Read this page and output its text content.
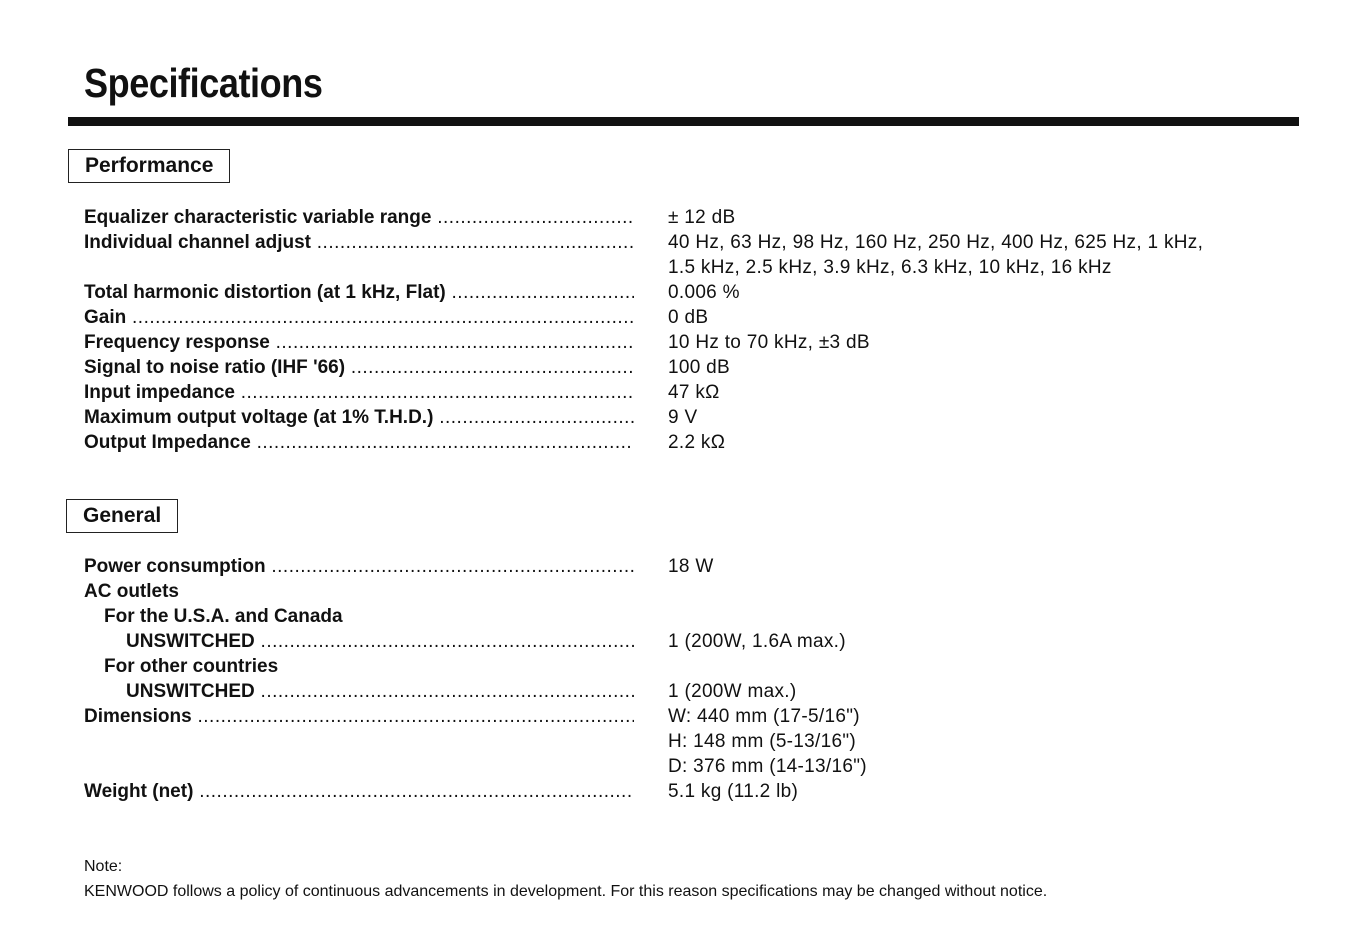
Specifications
Performance
Equalizer characteristic variable range .....	± 12 dB
Individual channel adjust .....	40 Hz, 63 Hz, 98 Hz, 160 Hz, 250 Hz, 400 Hz, 625 Hz, 1 kHz,
1.5 kHz, 2.5 kHz, 3.9 kHz, 6.3 kHz, 10 kHz, 16 kHz
Total harmonic distortion (at 1 kHz, Flat) .....	0.006 %
Gain .....	0 dB
Frequency response .....	10 Hz to 70 kHz, ±3 dB
Signal to noise ratio (IHF '66) .....	100 dB
Input impedance .....	47 kΩ
Maximum output voltage (at 1% T.H.D.) .....	9 V
Output Impedance .....	2.2 kΩ
General
Power consumption .....	18 W
AC outlets
For the U.S.A. and Canada
UNSWITCHED .....	1 (200W, 1.6A max.)
For other countries
UNSWITCHED .....	1 (200W max.)
Dimensions .....	W: 440 mm (17-5/16")
H: 148 mm (5-13/16")
D: 376 mm (14-13/16")
Weight (net) .....	5.1 kg (11.2 lb)
Note:
KENWOOD follows a policy of continuous advancements in development. For this reason specifications may be changed without notice.
